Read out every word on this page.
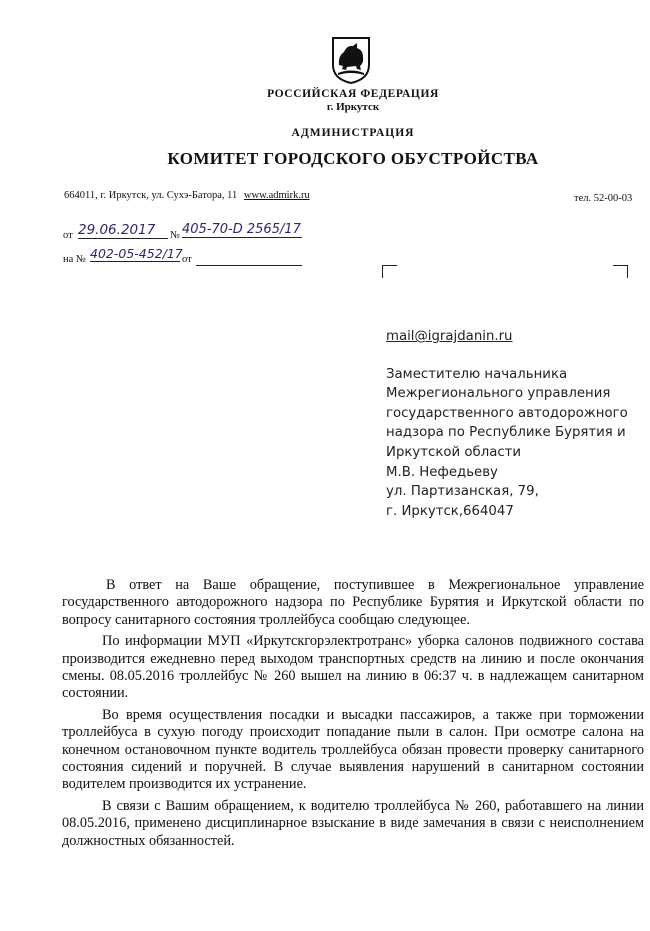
РОССИЙСКАЯ ФЕДЕРАЦИЯ
г. Иркутск
АДМИНИСТРАЦИЯ
КОМИТЕТ ГОРОДСКОГО ОБУСТРОЙСТВА
664011, г. Иркутск, ул. Сухэ-Батора, 11 www.admirk.ru	тел. 52-00-03
от 29.06.2017	№ 405-70-D 2565/17
на № 402-05-452/17 от
mail@igrajdanin.ru
Заместителю начальника
Межрегионального управления
государственного автодорожного
надзора по Республике Бурятия и
Иркутской области
М.В. Нефедьеву
ул. Партизанская, 79,
г. Иркутск,664047

В ответ на Ваше обращение, поступившее в Межрегиональное управление государственного автодорожного надзора по Республике Бурятия и Иркутской области по вопросу санитарного состояния троллейбуса сообщаю следующее.

По информации МУП «Иркутскгорэлектротранс» уборка салонов подвижного состава производится ежедневно перед выходом транспортных средств на линию и после окончания смены. 08.05.2016 троллейбус № 260 вышел на линию в 06:37 ч. в надлежащем санитарном состоянии.

Во время осуществления посадки и высадки пассажиров, а также при торможении троллейбуса в сухую погоду происходит попадание пыли в салон. При осмотре салона на конечном остановочном пункте водитель троллейбуса обязан провести проверку санитарного состояния сидений и поручней. В случае выявления нарушений в санитарном состоянии водителем производится их устранение.

В связи с Вашим обращением, к водителю троллейбуса № 260, работавшего на линии 08.05.2016, применено дисциплинарное взыскание в виде замечания в связи с неисполнением должностных обязанностей.
